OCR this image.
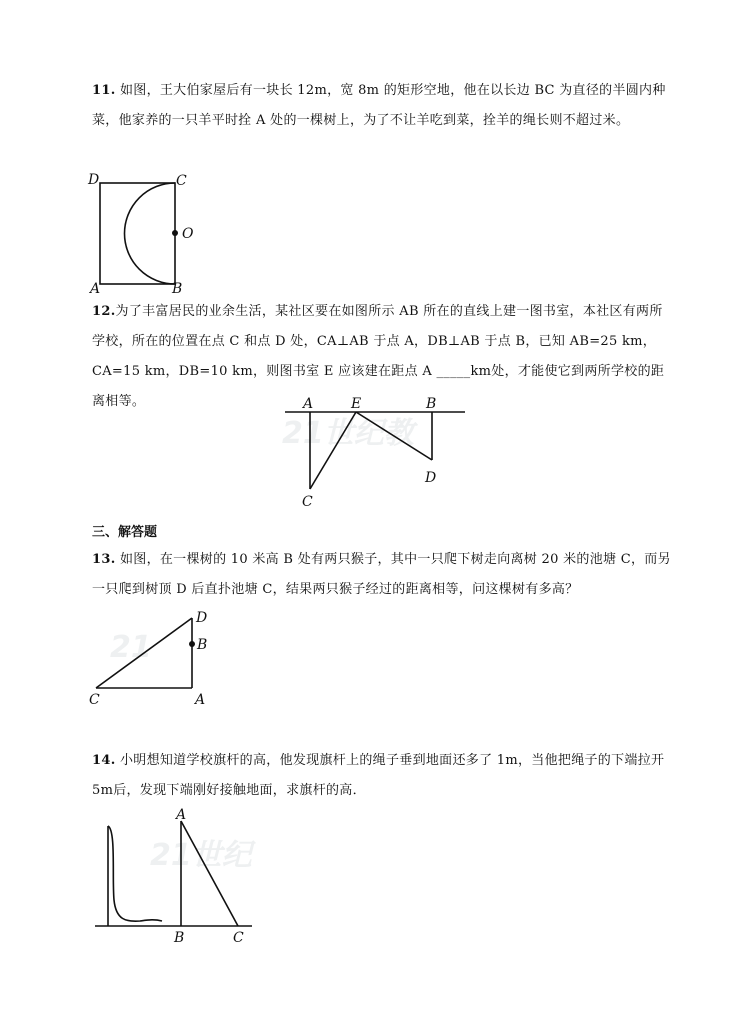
11. 如图，王大伯家屋后有一块长 12m，宽 8m 的矩形空地，他在以长边 BC 为直径的半圆内种菜，他家养的一只羊平时拴 A 处的一棵树上，为了不让羊吃到菜，拴羊的绳长则不超过米。
D	C
O
A	B
12.为了丰富居民的业余生活，某社区要在如图所示 AB 所在的直线上建一图书室，本社区有两所学校，所在的位置在点 C 和点 D 处，CA⊥AB 于点 A，DB⊥AB 于点 B，已知 AB=25 km，CA=15 km，DB=10 km，则图书室 E 应该建在距点 A _____km处，才能使它到两所学校的距离相等。
21世纪教
A	E	B
C
D
三、解答题
13. 如图，在一棵树的 10 米高 B 处有两只猴子，其中一只爬下树走向离树 20 米的池塘 C，而另一只爬到树顶 D 后直扑池塘 C，结果两只猴子经过的距离相等，问这棵树有多高？
21
D
B
C	A
14. 小明想知道学校旗杆的高，他发现旗杆上的绳子垂到地面还多了 1m，当他把绳子的下端拉开 5m后，发现下端刚好接触地面，求旗杆的高．
21世纪
A
B	C
